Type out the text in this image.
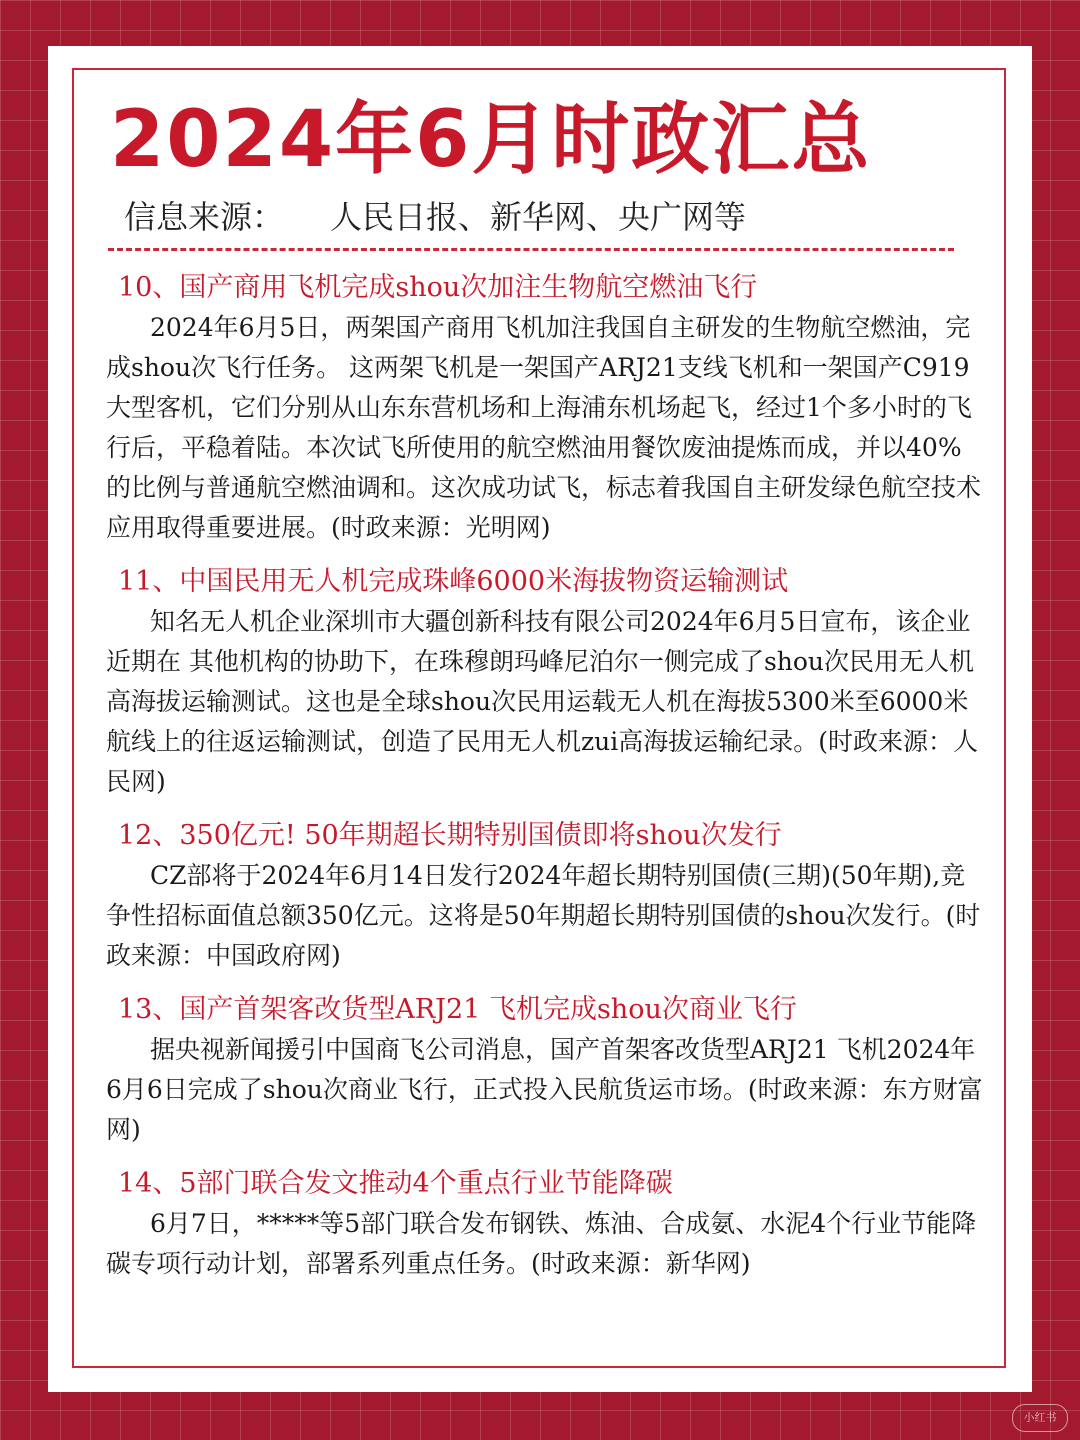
2024年6月时政汇总
信息来源： 人民日报、新华网、央广网等
10、国产商用飞机完成shou次加注生物航空燃油飞行

2024年6月5日，两架国产商用飞机加注我国自主研发的生物航空燃油，完成shou次飞行任务。 这两架飞机是一架国产ARJ21支线飞机和一架国产C919大型客机，它们分别从山东东营机场和上海浦东机场起飞，经过1个多小时的飞行后，平稳着陆。本次试飞所使用的航空燃油用餐饮废油提炼而成，并以40%的比例与普通航空燃油调和。这次成功试飞，标志着我国自主研发绿色航空技术应用取得重要进展。(时政来源：光明网)

11、中国民用无人机完成珠峰6000米海拔物资运输测试

知名无人机企业深圳市大疆创新科技有限公司2024年6月5日宣布，该企业近期在 其他机构的协助下，在珠穆朗玛峰尼泊尔一侧完成了shou次民用无人机高海拔运输测试。这也是全球shou次民用运载无人机在海拔5300米至6000米航线上的往返运输测试，创造了民用无人机zui高海拔运输纪录。(时政来源：人民网)

12、350亿元! 50年期超长期特别国债即将shou次发行

CZ部将于2024年6月14日发行2024年超长期特别国债(三期)(50年期),竞 争性招标面值总额350亿元。这将是50年期超长期特别国债的shou次发行。(时政来源：中国政府网)

13、国产首架客改货型ARJ21 飞机完成shou次商业飞行

据央视新闻援引中国商飞公司消息，国产首架客改货型ARJ21 飞机2024年6月6日完成了shou次商业飞行，正式投入民航货运市场。(时政来源：东方财富网)

14、5部门联合发文推动4个重点行业节能降碳

6月7日，*****等5部门联合发布钢铁、炼油、合成氨、水泥4个行业节能降碳专项行动计划，部署系列重点任务。(时政来源：新华网)

小红书
